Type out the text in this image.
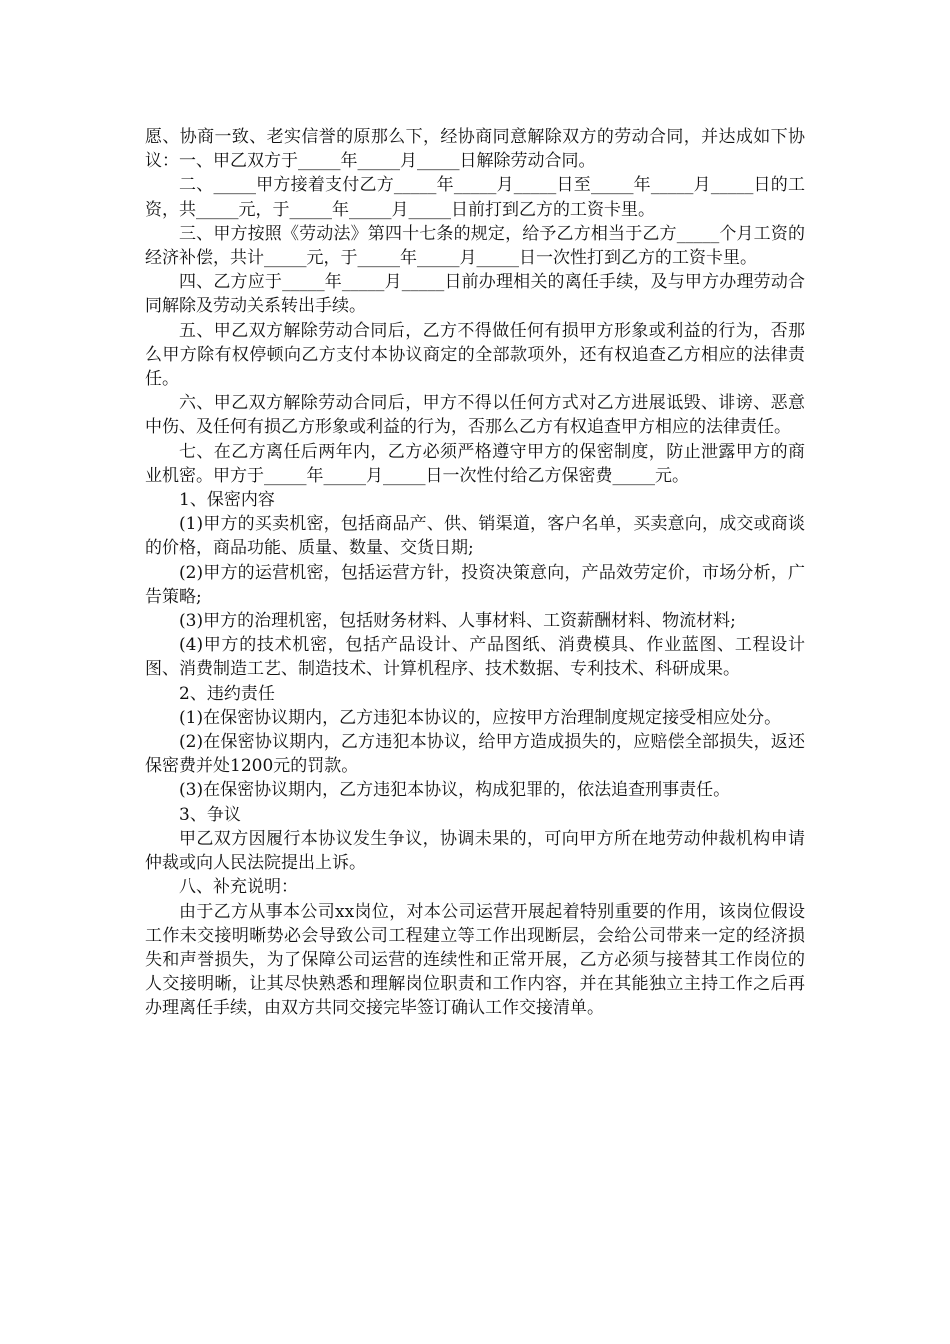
愿、协商一致、老实信誉的原那么下，经协商同意解除双方的劳动合同，并达成如下协议：一、甲乙双方于_____年_____月_____日解除劳动合同。

二、_____甲方接着支付乙方_____年_____月_____日至_____年_____月_____日的工资，共_____元，于_____年_____月_____日前打到乙方的工资卡里。

三、甲方按照《劳动法》第四十七条的规定，给予乙方相当于乙方_____个月工资的经济补偿，共计_____元，于_____年_____月_____日一次性打到乙方的工资卡里。

四、乙方应于_____年_____月_____日前办理相关的离任手续，及与甲方办理劳动合同解除及劳动关系转出手续。

五、甲乙双方解除劳动合同后，乙方不得做任何有损甲方形象或利益的行为，否那么甲方除有权停顿向乙方支付本协议商定的全部款项外，还有权追查乙方相应的法律责任。

六、甲乙双方解除劳动合同后，甲方不得以任何方式对乙方进展诋毁、诽谤、恶意中伤、及任何有损乙方形象或利益的行为，否那么乙方有权追查甲方相应的法律责任。

七、在乙方离任后两年内，乙方必须严格遵守甲方的保密制度，防止泄露甲方的商业机密。甲方于_____年_____月_____日一次性付给乙方保密费_____元。

1、保密内容

(1)甲方的买卖机密，包括商品产、供、销渠道，客户名单，买卖意向，成交或商谈的价格，商品功能、质量、数量、交货日期;

(2)甲方的运营机密，包括运营方针，投资决策意向，产品效劳定价，市场分析，广告策略;

(3)甲方的治理机密，包括财务材料、人事材料、工资薪酬材料、物流材料;

(4)甲方的技术机密，包括产品设计、产品图纸、消费模具、作业蓝图、工程设计图、消费制造工艺、制造技术、计算机程序、技术数据、专利技术、科研成果。

2、违约责任

(1)在保密协议期内，乙方违犯本协议的，应按甲方治理制度规定接受相应处分。

(2)在保密协议期内，乙方违犯本协议，给甲方造成损失的，应赔偿全部损失，返还保密费并处1200元的罚款。

(3)在保密协议期内，乙方违犯本协议，构成犯罪的，依法追查刑事责任。

3、争议

甲乙双方因履行本协议发生争议，协调未果的，可向甲方所在地劳动仲裁机构申请仲裁或向人民法院提出上诉。

八、补充说明：

由于乙方从事本公司xx岗位，对本公司运营开展起着特别重要的作用，该岗位假设工作未交接明晰势必会导致公司工程建立等工作出现断层，会给公司带来一定的经济损失和声誉损失，为了保障公司运营的连续性和正常开展，乙方必须与接替其工作岗位的人交接明晰，让其尽快熟悉和理解岗位职责和工作内容，并在其能独立主持工作之后再办理离任手续，由双方共同交接完毕签订确认工作交接清单。
